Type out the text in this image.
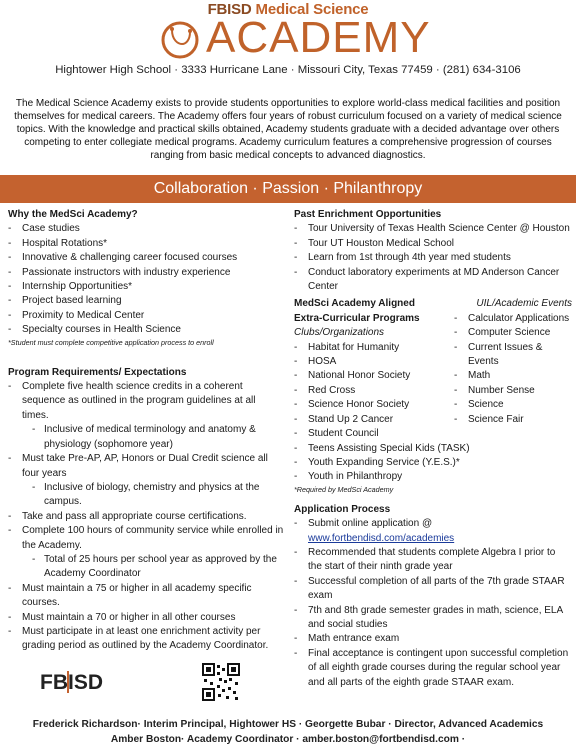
FBISD Medical Science
ACADEMY
Hightower High School · 3333 Hurricane Lane · Missouri City, Texas 77459 · (281) 634-3106
The Medical Science Academy exists to provide students opportunities to explore world-class medical facilities and position themselves for medical careers. The Academy offers four years of robust curriculum focused on a variety of medical science topics. With the knowledge and practical skills obtained, Academy students graduate with a decided advantage over others competing to enter collegiate medical programs. Academy curriculum features a comprehensive progression of courses ranging from basic medical concepts to advanced diagnostics.
Collaboration · Passion · Philanthropy
Why the MedSci Academy?
- Case studies
- Hospital Rotations*
- Innovative & challenging career focused courses
- Passionate instructors with industry experience
- Internship Opportunities*
- Project based learning
- Proximity to Medical Center
- Specialty courses in Health Science
*Student must complete competitive application process to enroll
Program Requirements/ Expectations
- Complete five health science credits in a coherent sequence as outlined in the program guidelines at all times.
- Inclusive of medical terminology and anatomy & physiology (sophomore year)
- Must take Pre-AP, AP, Honors or Dual Credit science all four years
- Inclusive of biology, chemistry and physics at the campus.
- Take and pass all appropriate course certifications.
- Complete 100 hours of community service while enrolled in the Academy.
- Total of 25 hours per school year as approved by the Academy Coordinator
- Must maintain a 75 or higher in all academy specific courses.
- Must maintain a 70 or higher in all other courses
- Must participate in at least one enrichment activity per grading period as outlined by the Academy Coordinator.
Past Enrichment Opportunities
- Tour University of Texas Health Science Center @ Houston
- Tour UT Houston Medical School
- Learn from 1st through 4th year med students
- Conduct laboratory experiments at MD Anderson Cancer Center
MedSci Academy Aligned
Extra-Curricular Programs
Clubs/Organizations
UIL/Academic Events
- Calculator Applications
- Computer Science
- Current Issues & Events
- Math
- Number Sense
- Science
- Science Fair
- Habitat for Humanity
- HOSA
- National Honor Society
- Red Cross
- Science Honor Society
- Stand Up 2 Cancer
- Student Council
- Teens Assisting Special Kids (TASK)
- Youth Expanding Service (Y.E.S.)*
- Youth in Philanthropy
*Required by MedSci Academy
Application Process
- Submit online application @
www.fortbendisd.com/academies
- Recommended that students complete Algebra I prior to the start of their ninth grade year
- Successful completion of all parts of the 7th grade STAAR exam
- 7th and 8th grade semester grades in math, science, ELA and social studies
- Math entrance exam
- Final acceptance is contingent upon successful completion of all eighth grade courses during the regular school year and all parts of the eighth grade STAAR exam.
FBISD
Frederick Richardson· Interim Principal, Hightower HS · Georgette Bubar · Director, Advanced Academics
Amber Boston· Academy Coordinator · amber.boston@fortbendisd.com ·
